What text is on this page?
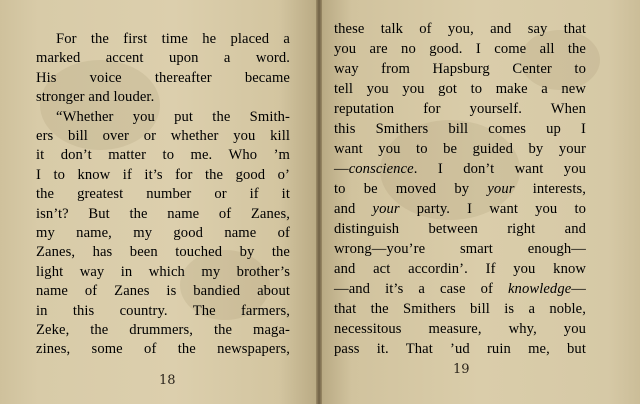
For the first time he placed a
marked accent upon a word.
His voice thereafter became
stronger and louder.
“Whether you put the Smith-
ers bill over or whether you kill
it don’t matter to me. Who ’m
I to know if it’s for the good o’
the greatest number or if it
isn’t? But the name of Zanes,
my name, my good name of
Zanes, has been touched by the
light way in which my brother’s
name of Zanes is bandied about
in this country. The farmers,
Zeke, the drummers, the maga-
zines, some of the newspapers,
these talk of you, and say that
you are no good. I come all the
way from Hapsburg Center to
tell you you got to make a new
reputation for yourself. When
this Smithers bill comes up I
want you to be guided by your
—conscience. I don’t want you
to be moved by your interests,
and your party. I want you to
distinguish between right and
wrong—you’re smart enough—
and act accordin’. If you know
—and it’s a case of knowledge—
that the Smithers bill is a noble,
necessitous measure, why, you
pass it. That ’ud ruin me, but
18
19
